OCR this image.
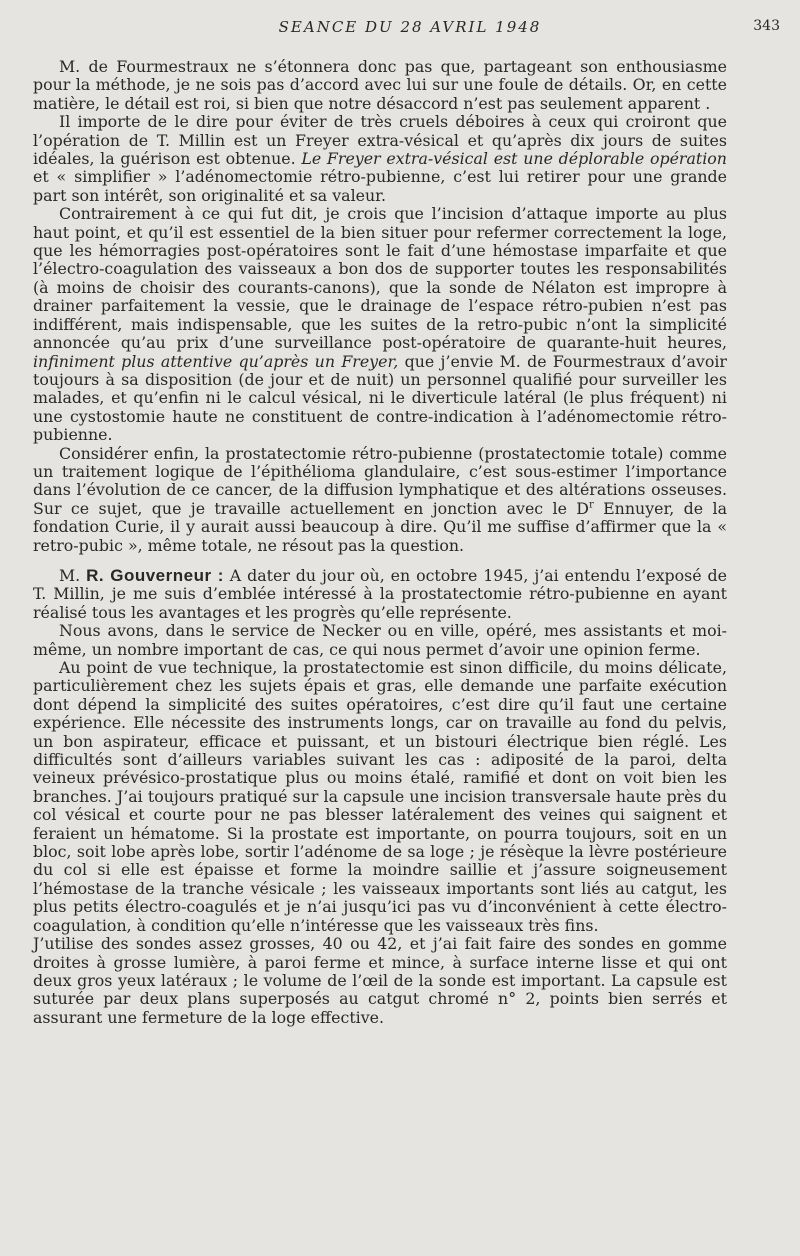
SEANCE DU 28 AVRIL 1948	343

M. de Fourmestraux ne s’étonnera donc pas que, partageant son enthousiasme pour la méthode, je ne sois pas d’accord avec lui sur une foule de détails. Or, en cette matière, le détail est roi, si bien que notre désaccord n’est pas seulement apparent .

Il importe de le dire pour éviter de très cruels déboires à ceux qui croiront que l’opération de T. Millin est un Freyer extra-vésical et qu’après dix jours de suites idéales, la guérison est obtenue. Le Freyer extra-vésical est une déplorable opération et « simplifier » l’adénomectomie rétro-pubienne, c’est lui retirer pour une grande part son intérêt, son originalité et sa valeur.

Contrairement à ce qui fut dit, je crois que l’incision d’attaque importe au plus haut point, et qu’il est essentiel de la bien situer pour refermer correctement la loge, que les hémorragies post-opératoires sont le fait d’une hémostase imparfaite et que l’électro-coagulation des vaisseaux a bon dos de supporter toutes les responsabilités (à moins de choisir des courants-canons), que la sonde de Nélaton est impropre à drainer parfaitement la vessie, que le drainage de l’espace rétro-pubien n’est pas indifférent, mais indispensable, que les suites de la retro-pubic n’ont la simplicité annoncée qu’au prix d’une surveillance post-opératoire de quarante-huit heures, infiniment plus attentive qu’après un Freyer, que j’envie M. de Fourmestraux d’avoir toujours à sa disposition (de jour et de nuit) un personnel qualifié pour surveiller les malades, et qu’enfin ni le calcul vésical, ni le diverticule latéral (le plus fréquent) ni une cystostomie haute ne constituent de contre-indication à l’adénomectomie rétro-pubienne.

Considérer enfin, la prostatectomie rétro-pubienne (prostatectomie totale) comme un traitement logique de l’épithélioma glandulaire, c’est sous-estimer l’importance dans l’évolution de ce cancer, de la diffusion lymphatique et des altérations osseuses. Sur ce sujet, que je travaille actuellement en jonction avec le $D^r$ Ennuyer, de la fondation Curie, il y aurait aussi beaucoup à dire. Qu’il me suffise d’affirmer que la « retro-pubic », même totale, ne résout pas la question.

M. R. Gouverneur : A dater du jour où, en octobre 1945, j’ai entendu l’exposé de T. Millin, je me suis d’emblée intéressé à la prostatectomie rétro-pubienne en ayant réalisé tous les avantages et les progrès qu’elle représente.

Nous avons, dans le service de Necker ou en ville, opéré, mes assistants et moi-même, un nombre important de cas, ce qui nous permet d’avoir une opinion ferme.

Au point de vue technique, la prostatectomie est sinon difficile, du moins délicate, particulièrement chez les sujets épais et gras, elle demande une parfaite exécution dont dépend la simplicité des suites opératoires, c’est dire qu’il faut une certaine expérience. Elle nécessite des instruments longs, car on travaille au fond du pelvis, un bon aspirateur, efficace et puissant, et un bistouri électrique bien réglé. Les difficultés sont d’ailleurs variables suivant les cas : adiposité de la paroi, delta veineux prévésico-prostatique plus ou moins étalé, ramifié et dont on voit bien les branches. J’ai toujours pratiqué sur la capsule une incision transversale haute près du col vésical et courte pour ne pas blesser latéralement des veines qui saignent et feraient un hématome. Si la prostate est importante, on pourra toujours, soit en un bloc, soit lobe après lobe, sortir l’adénome de sa loge ; je résèque la lèvre postérieure du col si elle est épaisse et forme la moindre saillie et j’assure soigneusement l’hémostase de la tranche vésicale ; les vaisseaux importants sont liés au catgut, les plus petits électro-coagulés et je n’ai jusqu’ici pas vu d’inconvénient à cette électro-coagulation, à condition qu’elle n’intéresse que les vaisseaux très fins.

J’utilise des sondes assez grosses, 40 ou 42, et j’ai fait faire des sondes en gomme droites à grosse lumière, à paroi ferme et mince, à surface interne lisse et qui ont deux gros yeux latéraux ; le volume de l’œil de la sonde est important. La capsule est suturée par deux plans superposés au catgut chromé n° 2, points bien serrés et assurant une fermeture de la loge effective.
